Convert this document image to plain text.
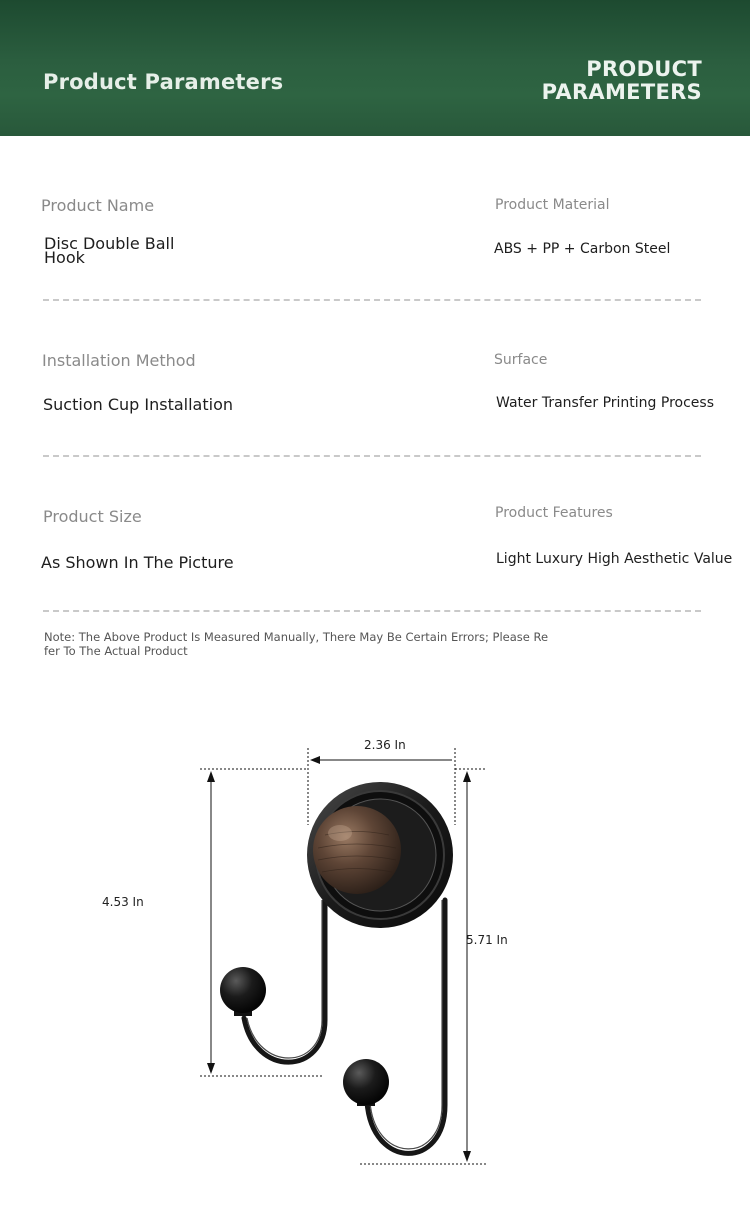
Product Parameters
PRODUCT
PARAMETERS
Product Name
Disc Double Ball Hook
Product Material
ABS + PP + Carbon Steel
Installation Method
Suction Cup Installation
Surface
Water Transfer Printing Process
Product Size
As Shown In The Picture
Product Features
Light Luxury High Aesthetic Value
Note: The Above Product Is Measured Manually, There May Be Certain Errors; Please Refer To The Actual Product
2.36 In
4.53 In
5.71 In
